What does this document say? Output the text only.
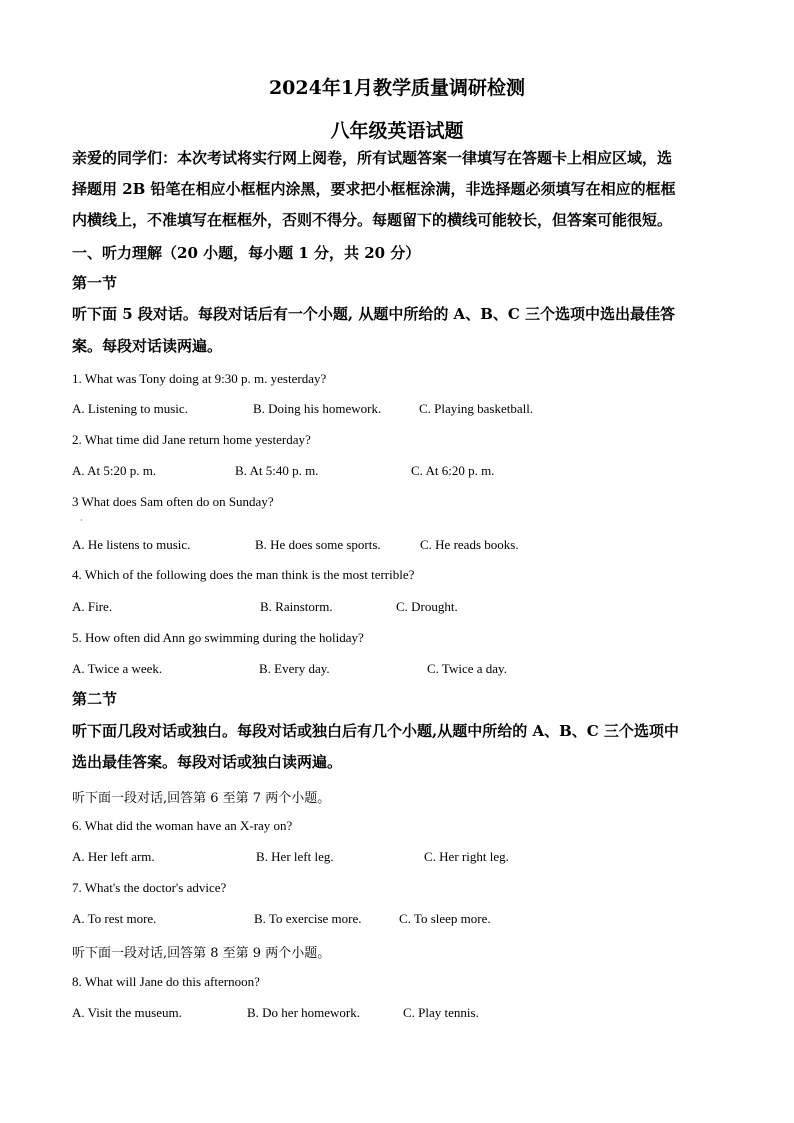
2024年1月教学质量调研检测
八年级英语试题
亲爱的同学们：本次考试将实行网上阅卷，所有试题答案一律填写在答题卡上相应区域，选
择题用 2B 铅笔在相应小框框内涂黑，要求把小框框涂满，非选择题必须填写在相应的框框
内横线上，不准填写在框框外，否则不得分。每题留下的横线可能较长，但答案可能很短。
一、听力理解（20 小题，每小题 1 分，共 20 分）
第一节
听下面 5 段对话。每段对话后有一个小题, 从题中所给的 A、B、C 三个选项中选出最佳答
案。每段对话读两遍。
1. What was Tony doing at 9:30 p. m. yesterday?
A. Listening to music.	B. Doing his homework.	C. Playing basketball.
2. What time did Jane return home yesterday?
A. At 5:20 p. m.	B. At 5:40 p. m.	C. At 6:20 p. m.
3 What does Sam often do on Sunday?
·
A. He listens to music.	B. He does some sports.	C. He reads books.
4. Which of the following does the man think is the most terrible?
A. Fire.	B. Rainstorm.	C. Drought.
5. How often did Ann go swimming during the holiday?
A. Twice a week.	B. Every day.	C. Twice a day.
第二节
听下面几段对话或独白。每段对话或独白后有几个小题,从题中所给的 A、B、C 三个选项中
选出最佳答案。每段对话或独白读两遍。
听下面一段对话,回答第 6 至第 7 两个小题。
6. What did the woman have an X-ray on?
A. Her left arm.	B. Her left leg.	C. Her right leg.
7. What's the doctor's advice?
A. To rest more.	B. To exercise more.	C. To sleep more.
听下面一段对话,回答第 8 至第 9 两个小题。
8. What will Jane do this afternoon?
A. Visit the museum.	B. Do her homework.	C. Play tennis.
